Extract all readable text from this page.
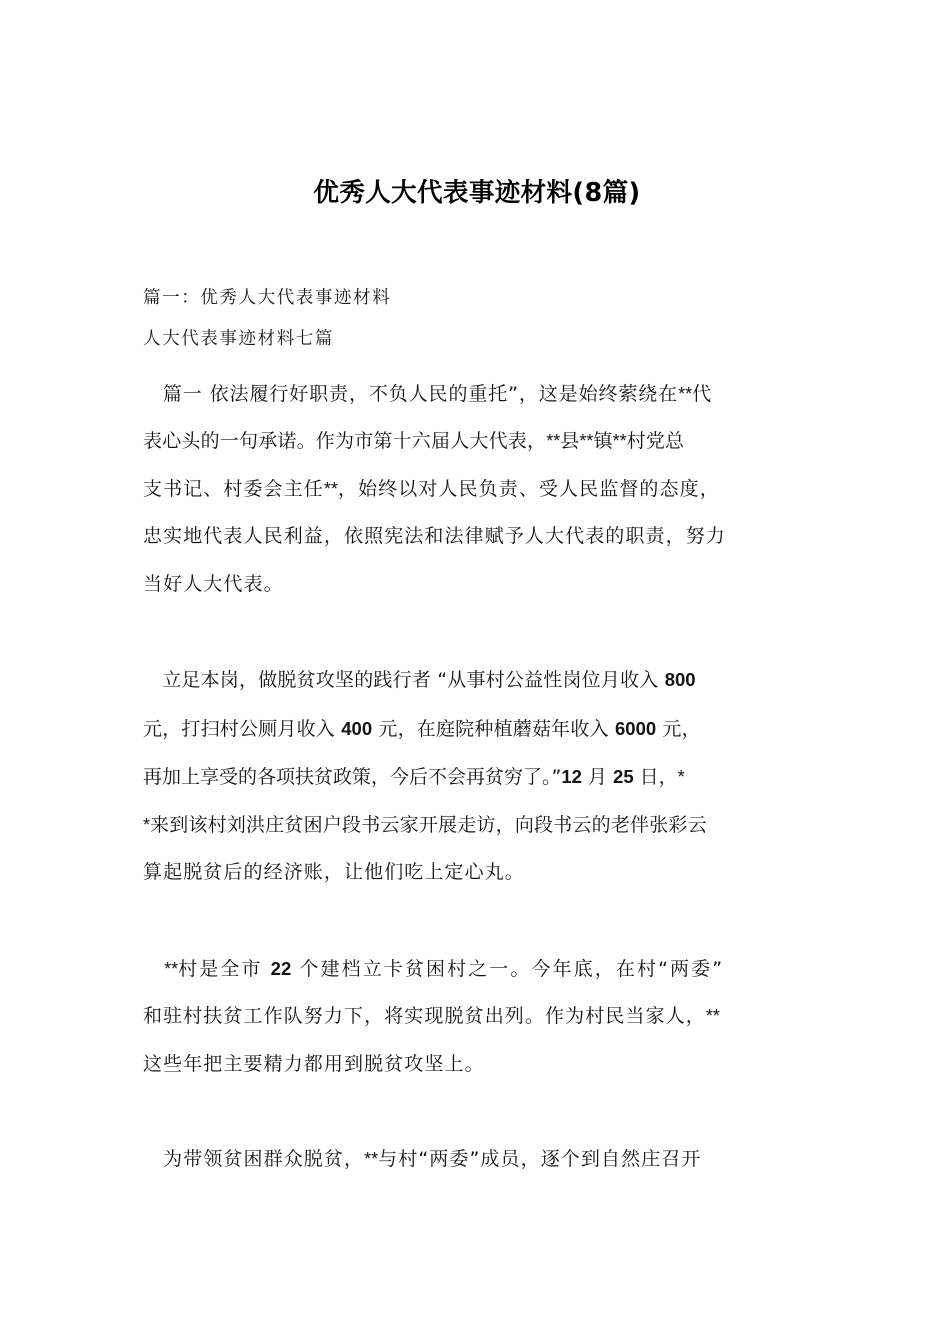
优秀人大代表事迹材料(8篇)

篇一：优秀人大代表事迹材料

人大代表事迹材料七篇

　篇一 依法履行好职责，不负人民的重托”，这是始终萦绕在**代
表心头的一句承诺。作为市第十六届人大代表，**县**镇**村党总
支书记、村委会主任**，始终以对人民负责、受人民监督的态度，
忠实地代表人民利益，依照宪法和法律赋予人大代表的职责，努力
当好人大代表。
　立足本岗，做脱贫攻坚的践行者 “从事村公益性岗位月收入 800
元，打扫村公厕月收入 400 元，在庭院种植蘑菇年收入 6000 元，
再加上享受的各项扶贫政策，今后不会再贫穷了。”12 月 25 日，*
*来到该村刘洪庄贫困户段书云家开展走访，向段书云的老伴张彩云
算起脱贫后的经济账，让他们吃上定心丸。
　**村是全市 22 个建档立卡贫困村之一。今年底，在村“两委”
和驻村扶贫工作队努力下，将实现脱贫出列。作为村民当家人，**
这些年把主要精力都用到脱贫攻坚上。
　为带领贫困群众脱贫，**与村“两委”成员，逐个到自然庄召开
